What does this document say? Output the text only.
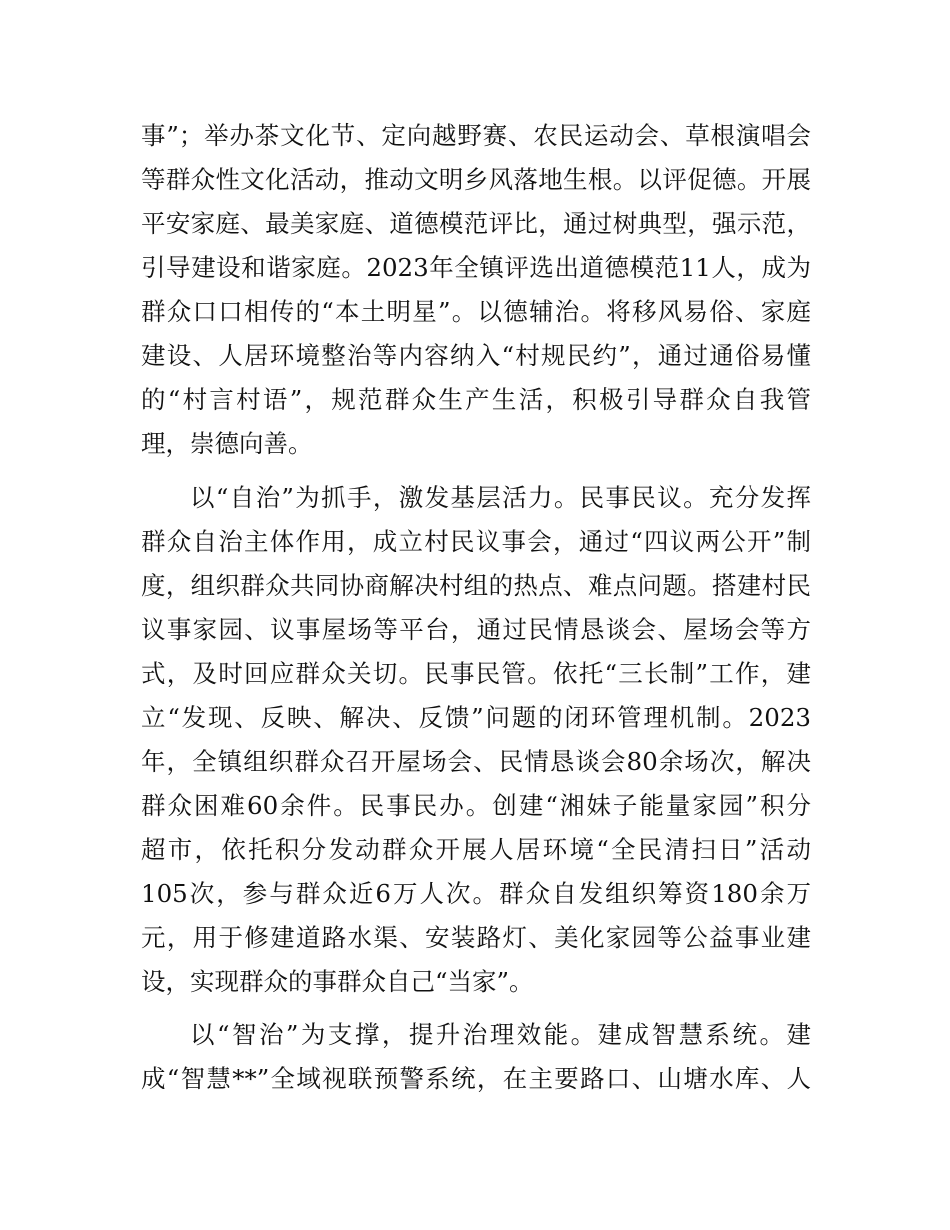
事”；举办茶文化节、定向越野赛、农民运动会、草根演唱会
等群众性文化活动，推动文明乡风落地生根。以评促德。开展
平安家庭、最美家庭、道德模范评比，通过树典型，强示范，
引导建设和谐家庭。2023年全镇评选出道德模范11人，成为
群众口口相传的“本土明星”。以德辅治。将移风易俗、家庭
建设、人居环境整治等内容纳入“村规民约”，通过通俗易懂
的“村言村语”，规范群众生产生活，积极引导群众自我管
理，崇德向善。
以“自治”为抓手，激发基层活力。民事民议。充分发挥
群众自治主体作用，成立村民议事会，通过“四议两公开”制
度，组织群众共同协商解决村组的热点、难点问题。搭建村民
议事家园、议事屋场等平台，通过民情恳谈会、屋场会等方
式，及时回应群众关切。民事民管。依托“三长制”工作，建
立“发现、反映、解决、反馈”问题的闭环管理机制。2023
年，全镇组织群众召开屋场会、民情恳谈会80余场次，解决
群众困难60余件。民事民办。创建“湘妹子能量家园”积分
超市，依托积分发动群众开展人居环境“全民清扫日”活动
105次，参与群众近6万人次。群众自发组织筹资180余万
元，用于修建道路水渠、安装路灯、美化家园等公益事业建
设，实现群众的事群众自己“当家”。
以“智治”为支撑，提升治理效能。建成智慧系统。建
成“智慧**”全域视联预警系统，在主要路口、山塘水库、人
